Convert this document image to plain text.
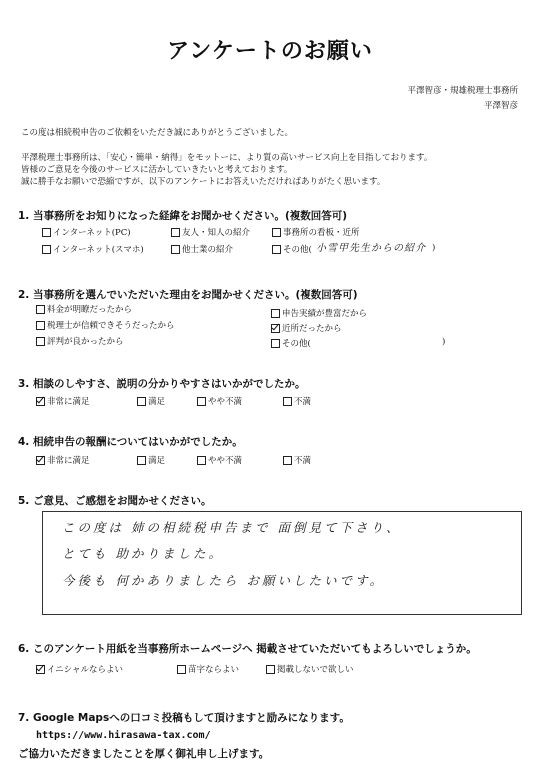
アンケートのお願い
平澤智彦・規雄税理士事務所
平澤智彦
この度は相続税申告のご依頼をいただき誠にありがとうございました。
平澤税理士事務所は、「安心・簡単・納得」をモットーに、より質の高いサービス向上を目指しております。
皆様のご意見を今後のサービスに活かしていきたいと考えております。
誠に勝手なお願いで恐縮ですが、以下のアンケートにお答えいただければありがたく思います。
1. 当事務所をお知りになった経緯をお聞かせください。(複数回答可)
インターネット(PC)	友人・知人の紹介	事務所の看板・近所
インターネット(スマホ)	他士業の紹介	その他( 小雪甲先生からの紹介 )
2. 当事務所を選んでいただいた理由をお聞かせください。(複数回答可)
料金が明瞭だったから
税理士が信頼できそうだったから
評判が良かったから
申告実績が豊富だから
近所だったから
その他(	)
3. 相談のしやすさ、説明の分かりやすさはいかがでしたか。
非常に満足	満足	やや不満	不満
4. 相続申告の報酬についてはいかがでしたか。
非常に満足	満足	やや不満	不満
5. ご意見、ご感想をお聞かせください。
この度は 姉の相続税申告まで 面倒見て下さり、
とても 助かりました。
今後も 何かありましたら お願いしたいです。
6. このアンケート用紙を当事務所ホームページへ 掲載させていただいてもよろしいでしょうか。
イニシャルならよい	苗字ならよい	掲載しないで欲しい
7. Google Mapsへの口コミ投稿もして頂けますと励みになります。
https://www.hirasawa-tax.com/
ご協力いただきましたことを厚く御礼申し上げます。
